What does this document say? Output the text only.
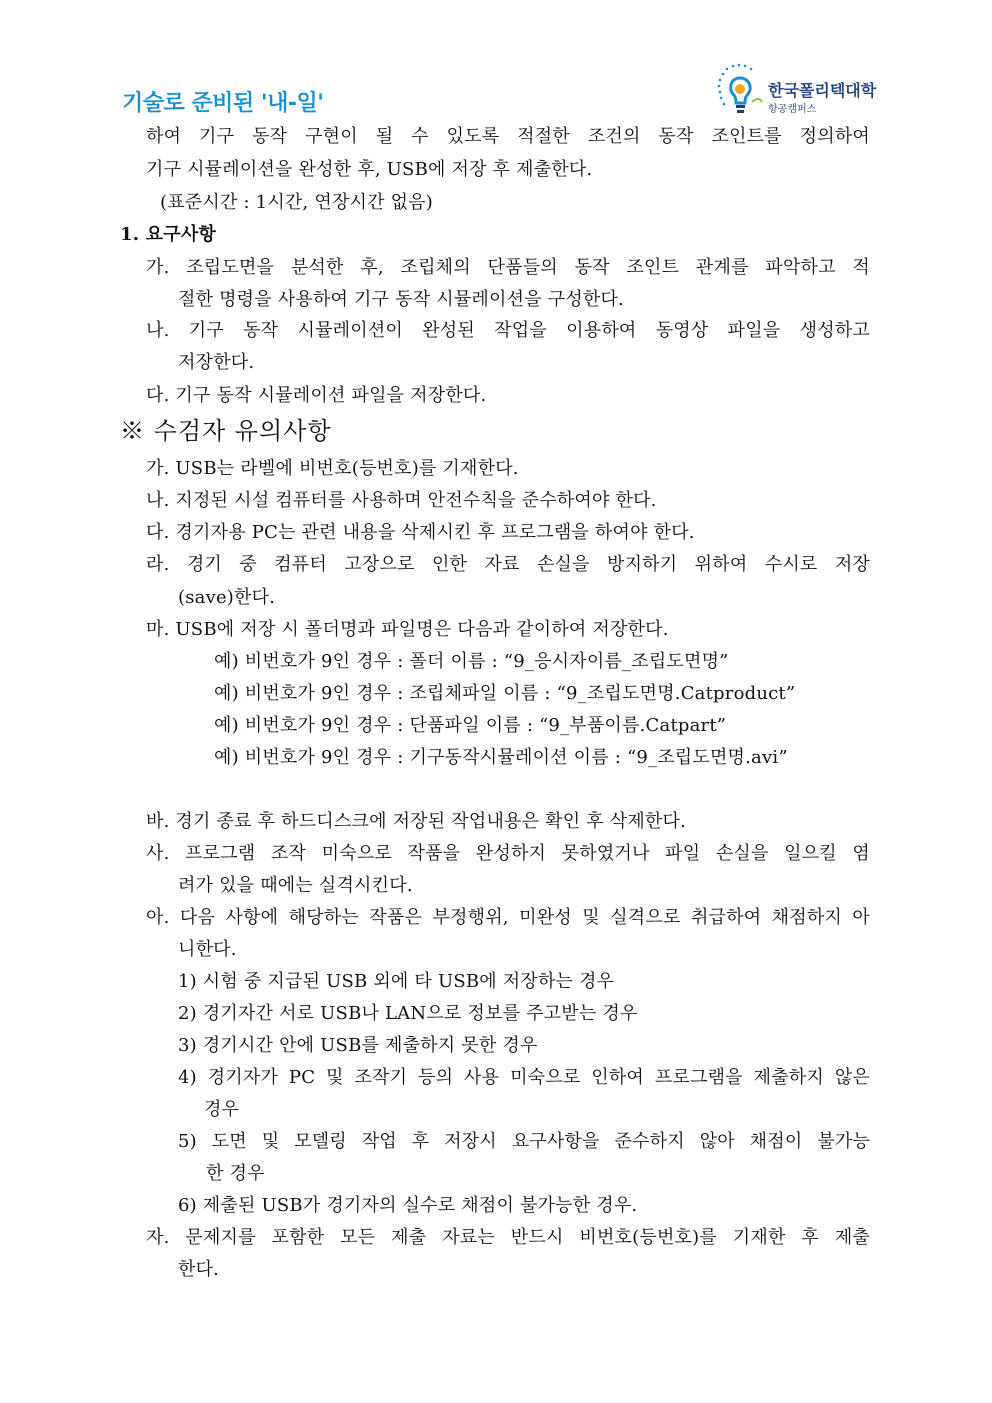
기술로 준비된 '내-일'
한국폴리텍대학
항공캠퍼스
하여 기구 동작 구현이 될 수 있도록 적절한 조건의 동작 조인트를 정의하여
기구 시뮬레이션을 완성한 후, USB에 저장 후 제출한다.
(표준시간 : 1시간, 연장시간 없음)
1. 요구사항
가. 조립도면을 분석한 후, 조립체의 단품들의 동작 조인트 관계를 파악하고 적
절한 명령을 사용하여 기구 동작 시뮬레이션을 구성한다.
나. 기구 동작 시뮬레이션이 완성된 작업을 이용하여 동영상 파일을 생성하고
저장한다.
다. 기구 동작 시뮬레이션 파일을 저장한다.
※ 수검자 유의사항
가. USB는 라벨에 비번호(등번호)를 기재한다.
나. 지정된 시설 컴퓨터를 사용하며 안전수칙을 준수하여야 한다.
다. 경기자용 PC는 관련 내용을 삭제시킨 후 프로그램을 하여야 한다.
라. 경기 중 컴퓨터 고장으로 인한 자료 손실을 방지하기 위하여 수시로 저장
(save)한다.
마. USB에 저장 시 폴더명과 파일명은 다음과 같이하여 저장한다.
예) 비번호가 9인 경우 : 폴더 이름 : “9_응시자이름_조립도면명”
예) 비번호가 9인 경우 : 조립체파일 이름 : “9_조립도면명.Catproduct”
예) 비번호가 9인 경우 : 단품파일 이름 : “9_부품이름.Catpart”
예) 비번호가 9인 경우 : 기구동작시뮬레이션 이름 : “9_조립도면명.avi”
바. 경기 종료 후 하드디스크에 저장된 작업내용은 확인 후 삭제한다.
사. 프로그램 조작 미숙으로 작품을 완성하지 못하였거나 파일 손실을 일으킬 염
려가 있을 때에는 실격시킨다.
아. 다음 사항에 해당하는 작품은 부정행위, 미완성 및 실격으로 취급하여 채점하지 아
니한다.
1) 시험 중 지급된 USB 외에 타 USB에 저장하는 경우
2) 경기자간 서로 USB나 LAN으로 정보를 주고받는 경우
3) 경기시간 안에 USB를 제출하지 못한 경우
4) 경기자가 PC 및 조작기 등의 사용 미숙으로 인하여 프로그램을 제출하지 않은
경우
5) 도면 및 모델링 작업 후 저장시 요구사항을 준수하지 않아 채점이 불가능
한 경우
6) 제출된 USB가 경기자의 실수로 채점이 불가능한 경우.
자. 문제지를 포함한 모든 제출 자료는 반드시 비번호(등번호)를 기재한 후 제출
한다.
